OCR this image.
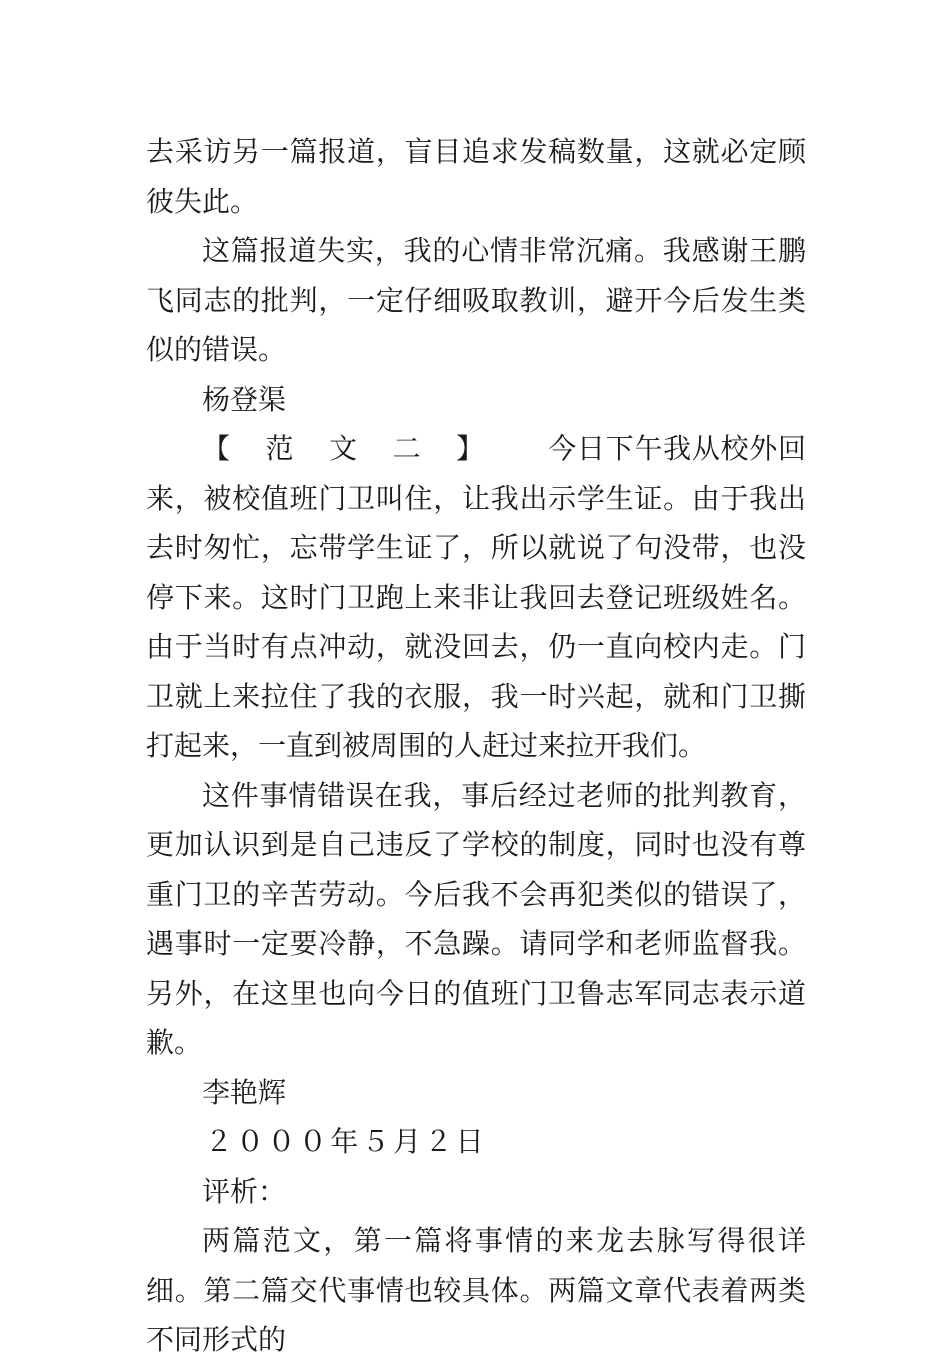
去采访另一篇报道，盲目追求发稿数量，这就必定顾彼失此。

这篇报道失实，我的心情非常沉痛。我感谢王鹏飞同志的批判，一定仔细吸取教训，避开今后发生类似的错误。

杨登渠

【 范 文 二 】 今日下午我从校外回来，被校值班门卫叫住，让我出示学生证。由于我出去时匆忙，忘带学生证了，所以就说了句没带，也没停下来。这时门卫跑上来非让我回去登记班级姓名。由于当时有点冲动，就没回去，仍一直向校内走。门卫就上来拉住了我的衣服，我一时兴起，就和门卫撕打起来，一直到被周围的人赶过来拉开我们。

这件事情错误在我，事后经过老师的批判教育，更加认识到是自己违反了学校的制度，同时也没有尊重门卫的辛苦劳动。今后我不会再犯类似的错误了，遇事时一定要冷静，不急躁。请同学和老师监督我。另外，在这里也向今日的值班门卫鲁志军同志表示道歉。

李艳辉

２０００年５月２日

评析：

两篇范文，第一篇将事情的来龙去脉写得很详细。第二篇交代事情也较具体。两篇文章代表着两类不同形式的
